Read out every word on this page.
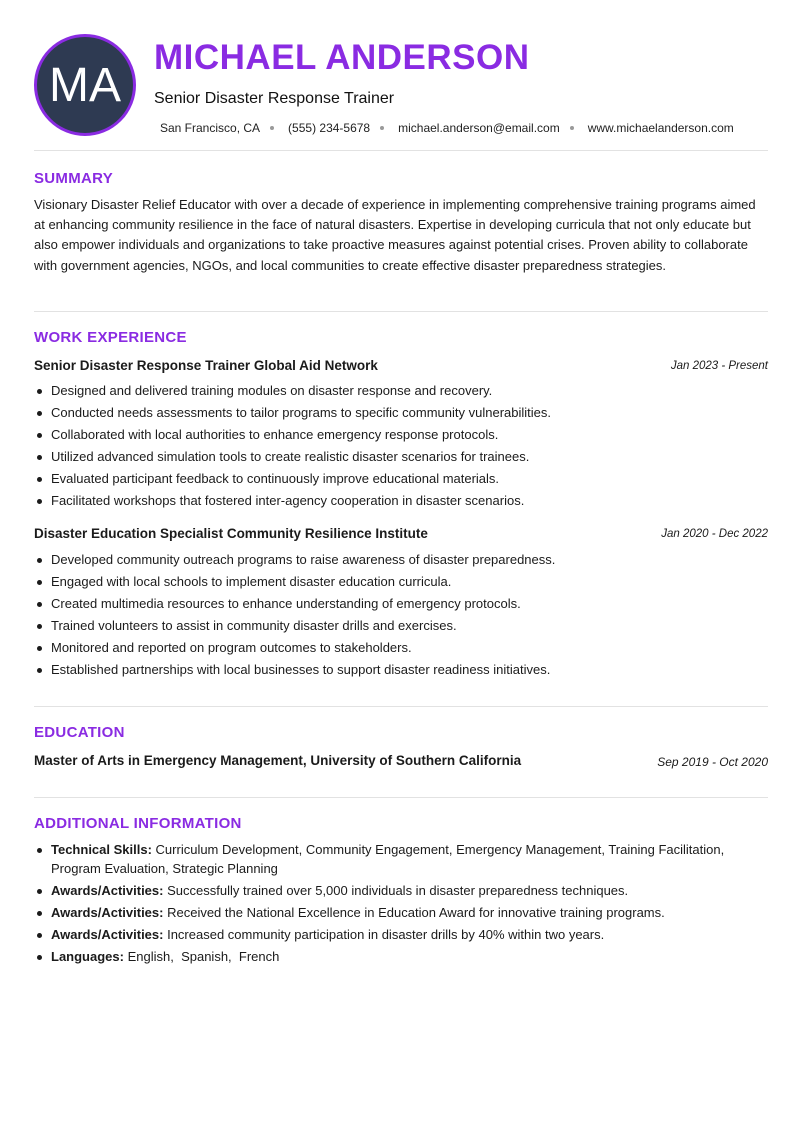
MA
MICHAEL ANDERSON
Senior Disaster Response Trainer
San Francisco, CA (555) 234-5678 michael.anderson@email.com www.michaelanderson.com
SUMMARY
Visionary Disaster Relief Educator with over a decade of experience in implementing comprehensive training programs aimed at enhancing community resilience in the face of natural disasters. Expertise in developing curricula that not only educate but also empower individuals and organizations to take proactive measures against potential crises. Proven ability to collaborate with government agencies, NGOs, and local communities to create effective disaster preparedness strategies.
WORK EXPERIENCE
Senior Disaster Response Trainer Global Aid Network	Jan 2023 - Present
Designed and delivered training modules on disaster response and recovery.
Conducted needs assessments to tailor programs to specific community vulnerabilities.
Collaborated with local authorities to enhance emergency response protocols.
Utilized advanced simulation tools to create realistic disaster scenarios for trainees.
Evaluated participant feedback to continuously improve educational materials.
Facilitated workshops that fostered inter-agency cooperation in disaster scenarios.
Disaster Education Specialist Community Resilience Institute	Jan 2020 - Dec 2022
Developed community outreach programs to raise awareness of disaster preparedness.
Engaged with local schools to implement disaster education curricula.
Created multimedia resources to enhance understanding of emergency protocols.
Trained volunteers to assist in community disaster drills and exercises.
Monitored and reported on program outcomes to stakeholders.
Established partnerships with local businesses to support disaster readiness initiatives.
EDUCATION
Master of Arts in Emergency Management, University of Southern California	Sep 2019 - Oct 2020
ADDITIONAL INFORMATION
Technical Skills: Curriculum Development, Community Engagement, Emergency Management, Training Facilitation, Program Evaluation, Strategic Planning
Awards/Activities: Successfully trained over 5,000 individuals in disaster preparedness techniques.
Awards/Activities: Received the National Excellence in Education Award for innovative training programs.
Awards/Activities: Increased community participation in disaster drills by 40% within two years.
Languages: English,  Spanish,  French
